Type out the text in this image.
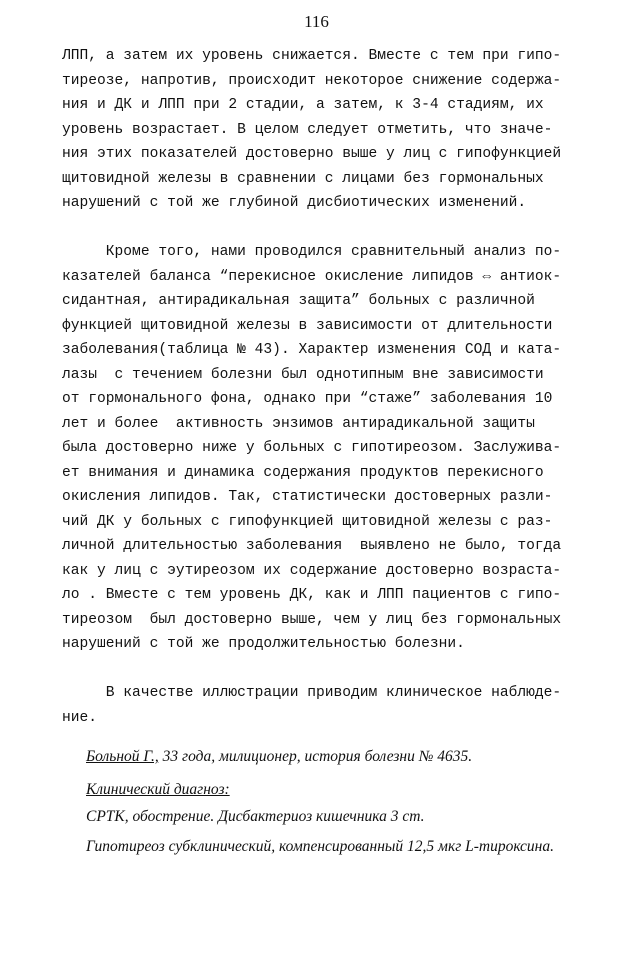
116
ЛПП, а затем их уровень снижается. Вместе с тем при гипо-
тиреозе, напротив, происходит некоторое снижение содержа-
ния и ДК и ЛПП при 2 стадии, а затем, к 3-4 стадиям, их
уровень возрастает. В целом следует отметить, что значе-
ния этих показателей достоверно выше у лиц с гипофункцией
щитовидной железы в сравнении с лицами без гормональных
нарушений с той же глубиной дисбиотических изменений.
Кроме того, нами проводился сравнительный анализ по-
казателей баланса “перекисное окисление липидов ⇔ антиок-
сидантная, антирадикальная защита” больных с различной
функцией щитовидной железы в зависимости от длительности
заболевания(таблица № 43). Характер изменения СОД и ката-
лазы  с течением болезни был однотипным вне зависимости
от гормонального фона, однако при “стаже” заболевания 10
лет и более  активность энзимов антирадикальной защиты
была достоверно ниже у больных с гипотиреозом. Заслужива-
ет внимания и динамика содержания продуктов перекисного
окисления липидов. Так, статистически достоверных разли-
чий ДК у больных с гипофункцией щитовидной железы с раз-
личной длительностью заболевания  выявлено не было, тогда
как у лиц с эутиреозом их содержание достоверно возраста-
ло . Вместе с тем уровень ДК, как и ЛПП пациентов с гипо-
тиреозом  был достоверно выше, чем у лиц без гормональных
нарушений с той же продолжительностью болезни.
В качестве иллюстрации приводим клиническое наблюде-
ние.
Больной Г., 33 года, милиционер, история болезни № 4635.
Клинический диагноз:
СРТК, обострение. Дисбактериоз кишечника 3 ст.
Гипотиреоз субклинический, компенсированный 12,5 мкг L-тироксина.
